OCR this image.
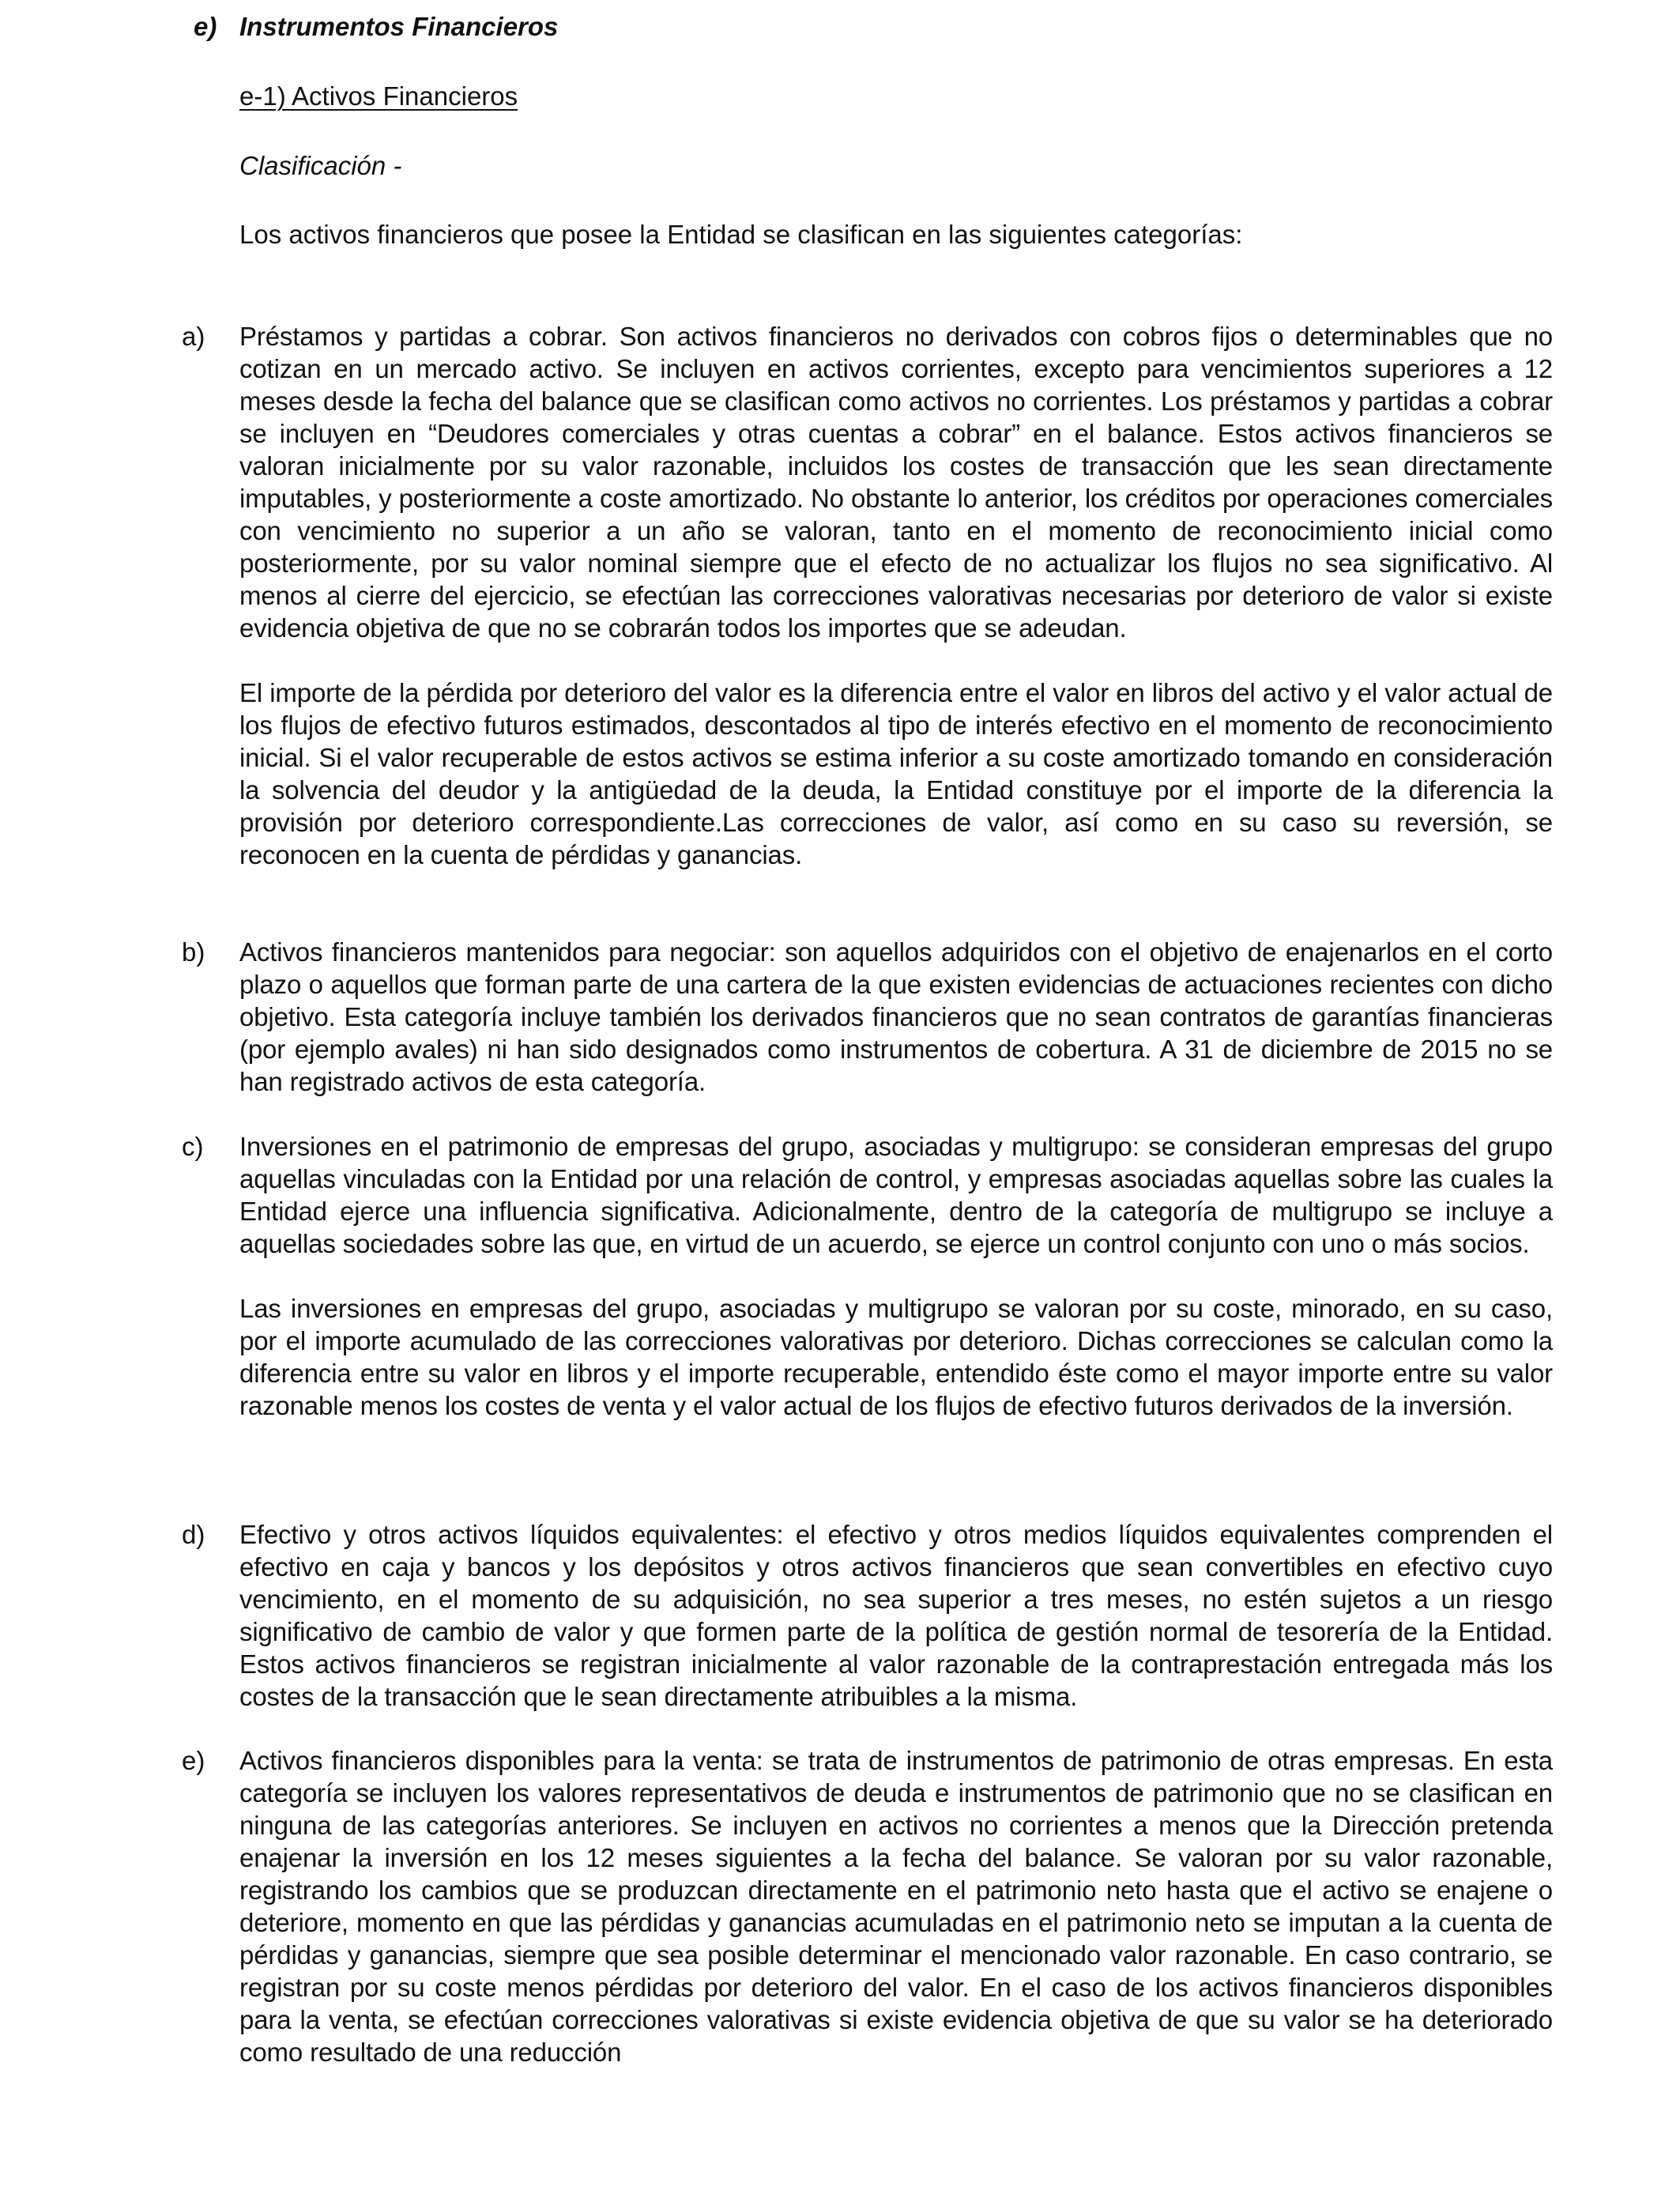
e) Instrumentos Financieros
e-1) Activos Financieros
Clasificación -
Los activos financieros que posee la Entidad se clasifican en las siguientes categorías:
a) Préstamos y partidas a cobrar. Son activos financieros no derivados con cobros fijos o determinables que no cotizan en un mercado activo. Se incluyen en activos corrientes, excepto para vencimientos superiores a 12 meses desde la fecha del balance que se clasifican como activos no corrientes. Los préstamos y partidas a cobrar se incluyen en “Deudores comerciales y otras cuentas a cobrar” en el balance. Estos activos financieros se valoran inicialmente por su valor razonable, incluidos los costes de transacción que les sean directamente imputables, y posteriormente a coste amortizado. No obstante lo anterior, los créditos por operaciones comerciales con vencimiento no superior a un año se valoran, tanto en el momento de reconocimiento inicial como posteriormente, por su valor nominal siempre que el efecto de no actualizar los flujos no sea significativo. Al menos al cierre del ejercicio, se efectúan las correcciones valorativas necesarias por deterioro de valor si existe evidencia objetiva de que no se cobrarán todos los importes que se adeudan.

El importe de la pérdida por deterioro del valor es la diferencia entre el valor en libros del activo y el valor actual de los flujos de efectivo futuros estimados, descontados al tipo de interés efectivo en el momento de reconocimiento inicial. Si el valor recuperable de estos activos se estima inferior a su coste amortizado tomando en consideración la solvencia del deudor y la antigüedad de la deuda, la Entidad constituye por el importe de la diferencia la provisión por deterioro correspondiente.Las correcciones de valor, así como en su caso su reversión, se reconocen en la cuenta de pérdidas y ganancias.

b) Activos financieros mantenidos para negociar: son aquellos adquiridos con el objetivo de enajenarlos en el corto plazo o aquellos que forman parte de una cartera de la que existen evidencias de actuaciones recientes con dicho objetivo. Esta categoría incluye también los derivados financieros que no sean contratos de garantías financieras (por ejemplo avales) ni han sido designados como instrumentos de cobertura. A 31 de diciembre de 2015 no se han registrado activos de esta categoría.

c) Inversiones en el patrimonio de empresas del grupo, asociadas y multigrupo: se consideran empresas del grupo aquellas vinculadas con la Entidad por una relación de control, y empresas asociadas aquellas sobre las cuales la Entidad ejerce una influencia significativa. Adicionalmente, dentro de la categoría de multigrupo se incluye a aquellas sociedades sobre las que, en virtud de un acuerdo, se ejerce un control conjunto con uno o más socios.

Las inversiones en empresas del grupo, asociadas y multigrupo se valoran por su coste, minorado, en su caso, por el importe acumulado de las correcciones valorativas por deterioro. Dichas correcciones se calculan como la diferencia entre su valor en libros y el importe recuperable, entendido éste como el mayor importe entre su valor razonable menos los costes de venta y el valor actual de los flujos de efectivo futuros derivados de la inversión.

d) Efectivo y otros activos líquidos equivalentes: el efectivo y otros medios líquidos equivalentes comprenden el efectivo en caja y bancos y los depósitos y otros activos financieros que sean convertibles en efectivo cuyo vencimiento, en el momento de su adquisición, no sea superior a tres meses, no estén sujetos a un riesgo significativo de cambio de valor y que formen parte de la política de gestión normal de tesorería de la Entidad. Estos activos financieros se registran inicialmente al valor razonable de la contraprestación entregada más los costes de la transacción que le sean directamente atribuibles a la misma.

e) Activos financieros disponibles para la venta: se trata de instrumentos de patrimonio de otras empresas. En esta categoría se incluyen los valores representativos de deuda e instrumentos de patrimonio que no se clasifican en ninguna de las categorías anteriores. Se incluyen en activos no corrientes a menos que la Dirección pretenda enajenar la inversión en los 12 meses siguientes a la fecha del balance. Se valoran por su valor razonable, registrando los cambios que se produzcan directamente en el patrimonio neto hasta que el activo se enajene o deteriore, momento en que las pérdidas y ganancias acumuladas en el patrimonio neto se imputan a la cuenta de pérdidas y ganancias, siempre que sea posible determinar el mencionado valor razonable. En caso contrario, se registran por su coste menos pérdidas por deterioro del valor. En el caso de los activos financieros disponibles para la venta, se efectúan correcciones valorativas si existe evidencia objetiva de que su valor se ha deteriorado como resultado de una reducción
